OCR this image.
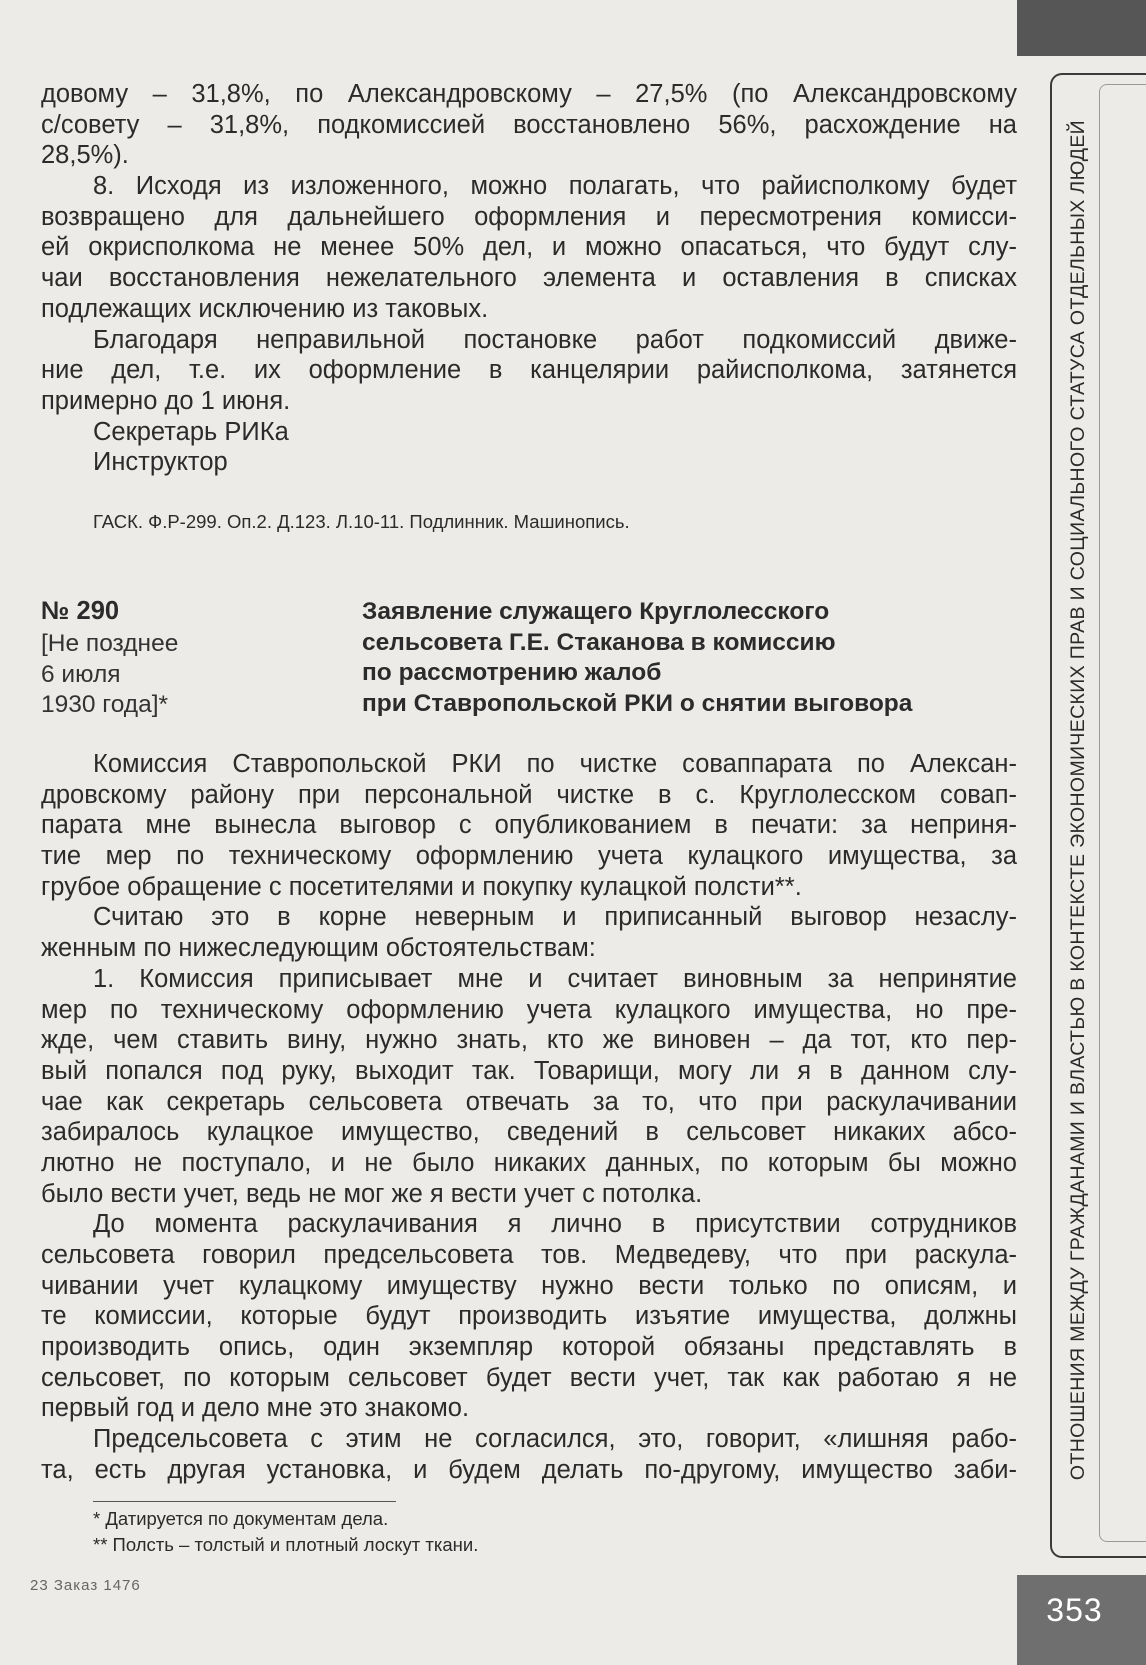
ОТНОШЕНИЯ МЕЖДУ ГРАЖДАНАМИ И ВЛАСТЬЮ В КОНТЕКСТЕ ЭКОНОМИЧЕСКИХ ПРАВ И СОЦИАЛЬНОГО СТАТУСА ОТДЕЛЬНЫХ ЛЮДЕЙ
353
довому – 31,8%, по Александровскому – 27,5% (по Александровскому
с/совету – 31,8%, подкомиссией восстановлено 56%, расхождение на
28,5%).
8. Исходя из изложенного, можно полагать, что райисполкому будет
возвращено для дальнейшего оформления и пересмотрения комисси-
ей окрисполкома не менее 50% дел, и можно опасаться, что будут слу-
чаи восстановления нежелательного элемента и оставления в списках
подлежащих исключению из таковых.
Благодаря неправильной постановке работ подкомиссий движе-
ние дел, т.е. их оформление в канцелярии райисполкома, затянется
примерно до 1 июня.
Секретарь РИКа
Инструктор
ГАСК. Ф.Р-299. Оп.2. Д.123. Л.10-11. Подлинник. Машинопись.
№ 290
[Не позднее
6 июля
1930 года]*
Заявление служащего Круглолесского
сельсовета Г.Е. Стаканова в комиссию
по рассмотрению жалоб
при Ставропольской РКИ о снятии выговора
Комиссия Ставропольской РКИ по чистке соваппарата по Алексан-
дровскому району при персональной чистке в с. Круглолесском совап-
парата мне вынесла выговор с опубликованием в печати: за неприня-
тие мер по техническому оформлению учета кулацкого имущества, за
грубое обращение с посетителями и покупку кулацкой полсти**.
Считаю это в корне неверным и приписанный выговор незаслу-
женным по нижеследующим обстоятельствам:
1. Комиссия приписывает мне и считает виновным за непринятие
мер по техническому оформлению учета кулацкого имущества, но пре-
жде, чем ставить вину, нужно знать, кто же виновен – да тот, кто пер-
вый попался под руку, выходит так. Товарищи, могу ли я в данном слу-
чае как секретарь сельсовета отвечать за то, что при раскулачивании
забиралось кулацкое имущество, сведений в сельсовет никаких абсо-
лютно не поступало, и не было никаких данных, по которым бы можно
было вести учет, ведь не мог же я вести учет с потолка.
До момента раскулачивания я лично в присутствии сотрудников
сельсовета говорил предсельсовета тов. Медведеву, что при раскула-
чивании учет кулацкому имуществу нужно вести только по описям, и
те комиссии, которые будут производить изъятие имущества, должны
производить опись, один экземпляр которой обязаны представлять в
сельсовет, по которым сельсовет будет вести учет, так как работаю я не
первый год и дело мне это знакомо.
Предсельсовета с этим не согласился, это, говорит, «лишняя рабо-
та, есть другая установка, и будем делать по-другому, имущество заби-
* Датируется по документам дела.
** Полсть – толстый и плотный лоскут ткани.
23 Заказ 1476
